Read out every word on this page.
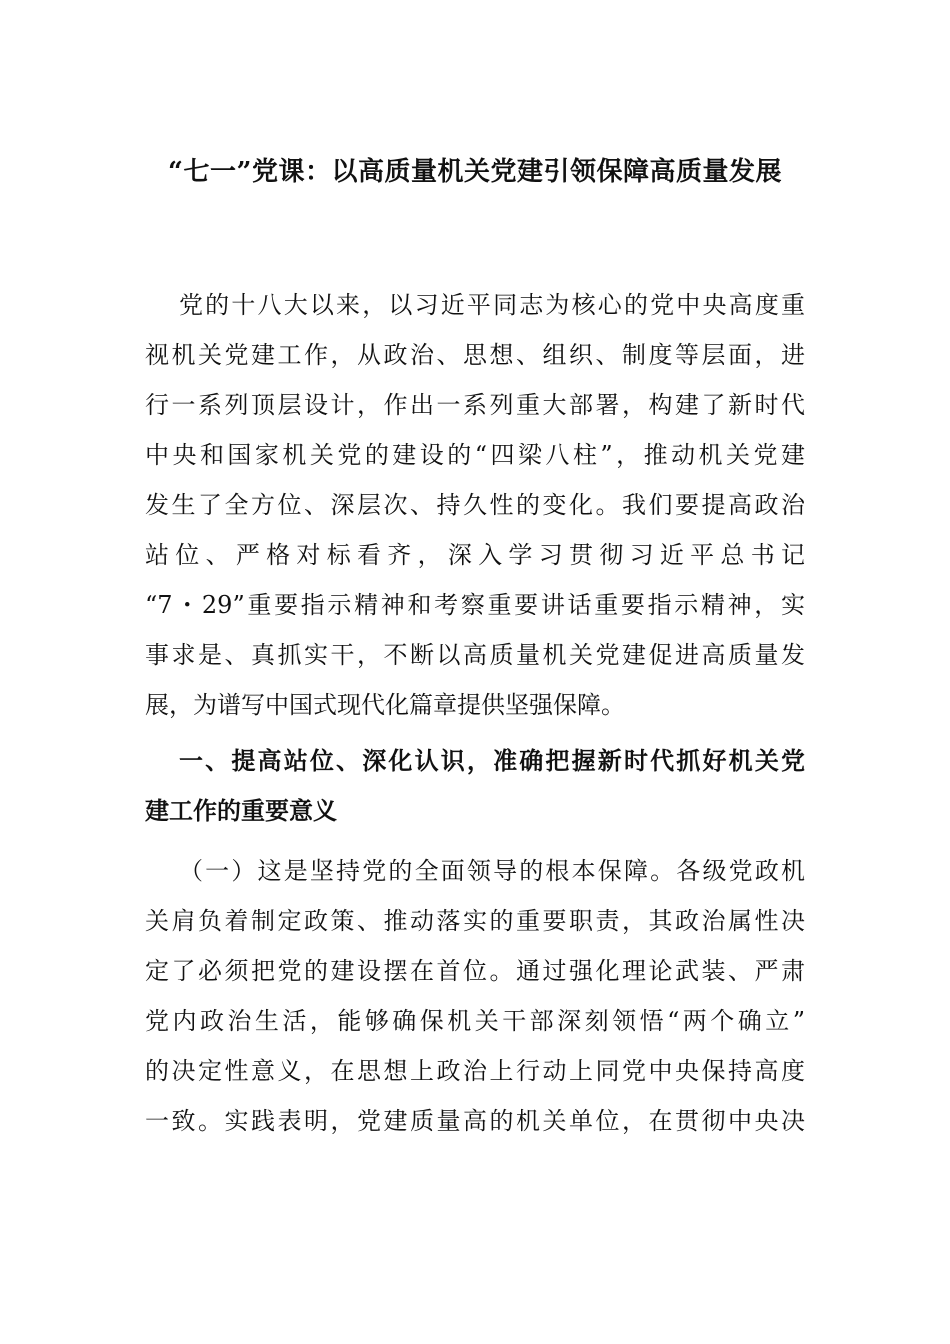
“七一”党课：以高质量机关党建引领保障高质量发展
党的十八大以来，以习近平同志为核心的党中央高度重
视机关党建工作，从政治、思想、组织、制度等层面，进
行一系列顶层设计，作出一系列重大部署，构建了新时代
中央和国家机关党的建设的“四梁八柱”，推动机关党建
发生了全方位、深层次、持久性的变化。我们要提高政治
站位、严格对标看齐，深入学习贯彻习近平总书记
“7・29”重要指示精神和考察重要讲话重要指示精神，实
事求是、真抓实干，不断以高质量机关党建促进高质量发
展，为谱写中国式现代化篇章提供坚强保障。
一、提高站位、深化认识，准确把握新时代抓好机关党
建工作的重要意义
（一）这是坚持党的全面领导的根本保障。各级党政机
关肩负着制定政策、推动落实的重要职责，其政治属性决
定了必须把党的建设摆在首位。通过强化理论武装、严肃
党内政治生活，能够确保机关干部深刻领悟“两个确立”
的决定性意义，在思想上政治上行动上同党中央保持高度
一致。实践表明，党建质量高的机关单位，在贯彻中央决
